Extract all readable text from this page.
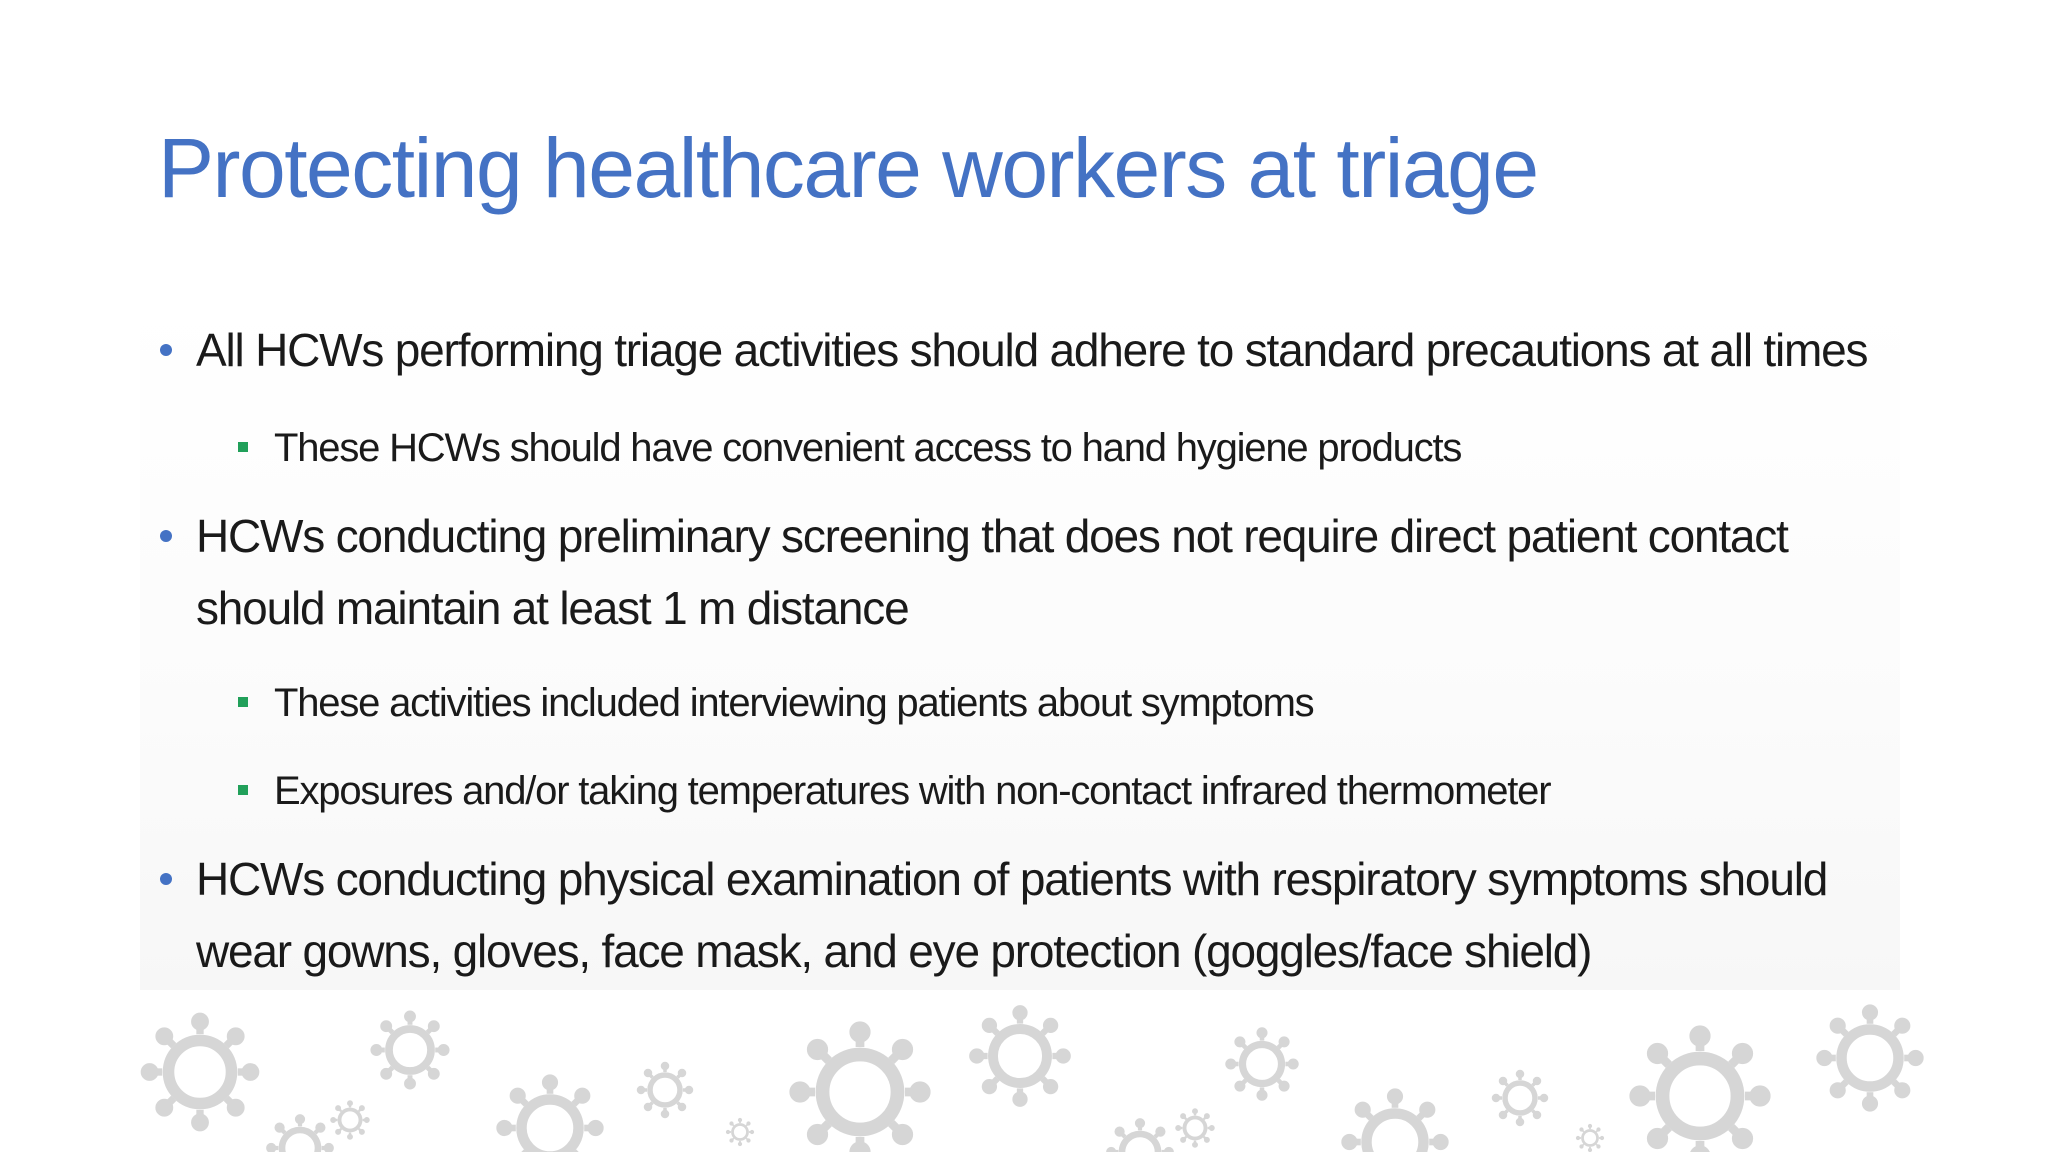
Protecting healthcare workers at triage
All HCWs performing triage activities should adhere to standard precautions at all times
These HCWs should have convenient access to hand hygiene products
HCWs conducting preliminary screening that does not require direct patient contact
should maintain at least 1 m distance
These activities included interviewing patients about symptoms
Exposures and/or taking temperatures with non-contact infrared thermometer
HCWs conducting physical examination of patients with respiratory symptoms should
wear gowns, gloves, face mask, and eye protection (goggles/face shield)
